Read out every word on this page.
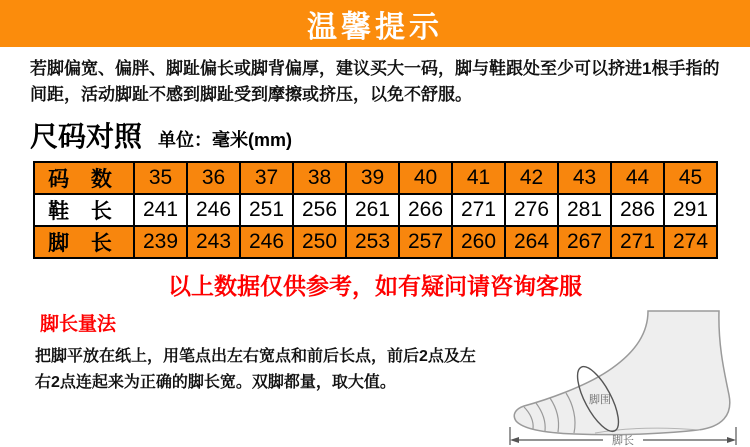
温馨提示

若脚偏宽、偏胖、脚趾偏长或脚背偏厚，建议买大一码，脚与鞋跟处至少可以挤进1根手指的间距，活动脚趾不感到脚趾受到摩擦或挤压，以免不舒服。

尺码对照 单位：毫米(mm)
码 数	35	36	37	38	39	40	41	42	43	44	45
鞋 长	241	246	251	256	261	266	271	276	281	286	291
脚 长	239	243	246	250	253	257	260	264	267	271	274
以上数据仅供参考，如有疑问请咨询客服
脚长量法
把脚平放在纸上，用笔点出左右宽点和前后长点，前后2点及左右2点连起来为正确的脚长宽。双脚都量，取大值。
脚围
脚长
